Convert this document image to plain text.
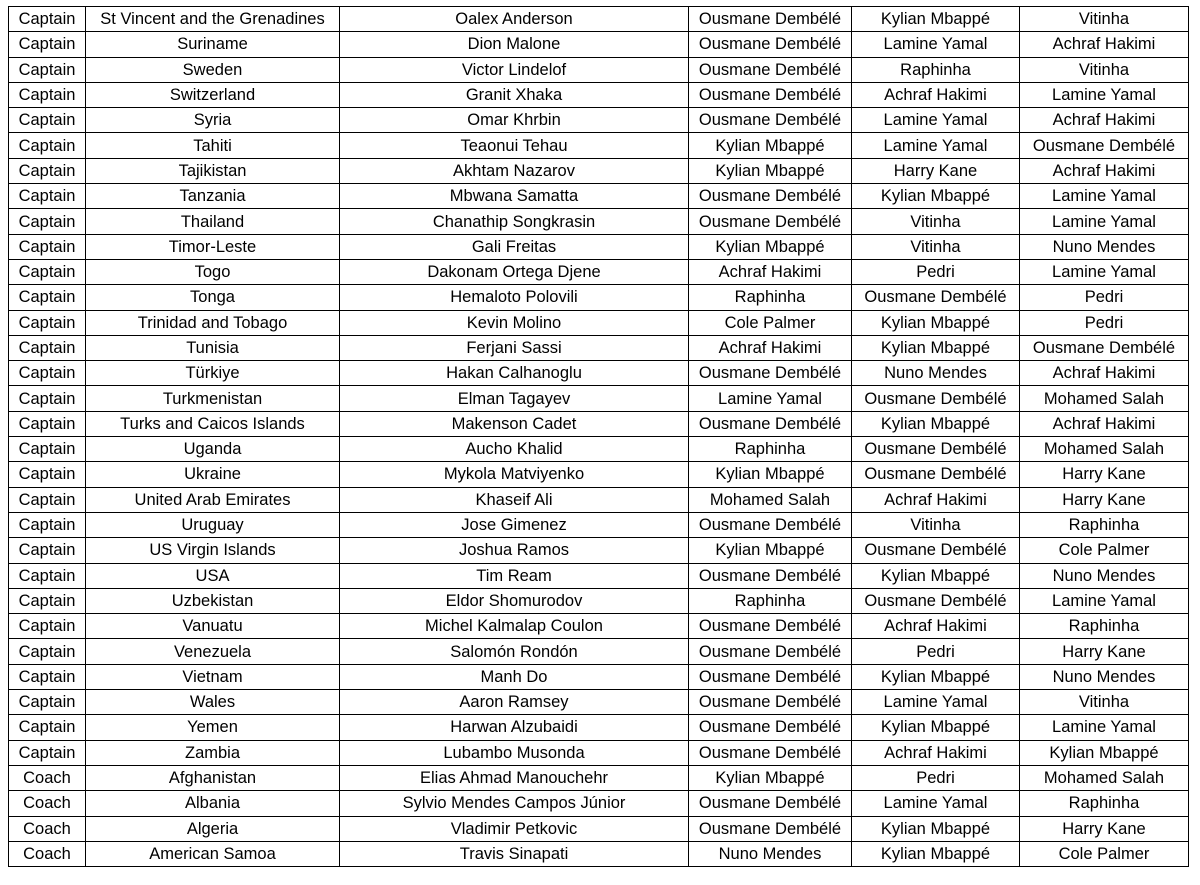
Captain	St Vincent and the Grenadines	Oalex Anderson	Ousmane Dembélé	Kylian Mbappé	Vitinha
Captain	Suriname	Dion Malone	Ousmane Dembélé	Lamine Yamal	Achraf Hakimi
Captain	Sweden	Victor Lindelof	Ousmane Dembélé	Raphinha	Vitinha
Captain	Switzerland	Granit Xhaka	Ousmane Dembélé	Achraf Hakimi	Lamine Yamal
Captain	Syria	Omar Khrbin	Ousmane Dembélé	Lamine Yamal	Achraf Hakimi
Captain	Tahiti	Teaonui Tehau	Kylian Mbappé	Lamine Yamal	Ousmane Dembélé
Captain	Tajikistan	Akhtam Nazarov	Kylian Mbappé	Harry Kane	Achraf Hakimi
Captain	Tanzania	Mbwana Samatta	Ousmane Dembélé	Kylian Mbappé	Lamine Yamal
Captain	Thailand	Chanathip Songkrasin	Ousmane Dembélé	Vitinha	Lamine Yamal
Captain	Timor-Leste	Gali Freitas	Kylian Mbappé	Vitinha	Nuno Mendes
Captain	Togo	Dakonam Ortega Djene	Achraf Hakimi	Pedri	Lamine Yamal
Captain	Tonga	Hemaloto Polovili	Raphinha	Ousmane Dembélé	Pedri
Captain	Trinidad and Tobago	Kevin Molino	Cole Palmer	Kylian Mbappé	Pedri
Captain	Tunisia	Ferjani Sassi	Achraf Hakimi	Kylian Mbappé	Ousmane Dembélé
Captain	Türkiye	Hakan Calhanoglu	Ousmane Dembélé	Nuno Mendes	Achraf Hakimi
Captain	Turkmenistan	Elman Tagayev	Lamine Yamal	Ousmane Dembélé	Mohamed Salah
Captain	Turks and Caicos Islands	Makenson Cadet	Ousmane Dembélé	Kylian Mbappé	Achraf Hakimi
Captain	Uganda	Aucho Khalid	Raphinha	Ousmane Dembélé	Mohamed Salah
Captain	Ukraine	Mykola Matviyenko	Kylian Mbappé	Ousmane Dembélé	Harry Kane
Captain	United Arab Emirates	Khaseif Ali	Mohamed Salah	Achraf Hakimi	Harry Kane
Captain	Uruguay	Jose Gimenez	Ousmane Dembélé	Vitinha	Raphinha
Captain	US Virgin Islands	Joshua Ramos	Kylian Mbappé	Ousmane Dembélé	Cole Palmer
Captain	USA	Tim Ream	Ousmane Dembélé	Kylian Mbappé	Nuno Mendes
Captain	Uzbekistan	Eldor Shomurodov	Raphinha	Ousmane Dembélé	Lamine Yamal
Captain	Vanuatu	Michel Kalmalap Coulon	Ousmane Dembélé	Achraf Hakimi	Raphinha
Captain	Venezuela	Salomón Rondón	Ousmane Dembélé	Pedri	Harry Kane
Captain	Vietnam	Manh Do	Ousmane Dembélé	Kylian Mbappé	Nuno Mendes
Captain	Wales	Aaron Ramsey	Ousmane Dembélé	Lamine Yamal	Vitinha
Captain	Yemen	Harwan Alzubaidi	Ousmane Dembélé	Kylian Mbappé	Lamine Yamal
Captain	Zambia	Lubambo Musonda	Ousmane Dembélé	Achraf Hakimi	Kylian Mbappé
Coach	Afghanistan	Elias Ahmad Manouchehr	Kylian Mbappé	Pedri	Mohamed Salah
Coach	Albania	Sylvio Mendes Campos Júnior	Ousmane Dembélé	Lamine Yamal	Raphinha
Coach	Algeria	Vladimir Petkovic	Ousmane Dembélé	Kylian Mbappé	Harry Kane
Coach	American Samoa	Travis Sinapati	Nuno Mendes	Kylian Mbappé	Cole Palmer
